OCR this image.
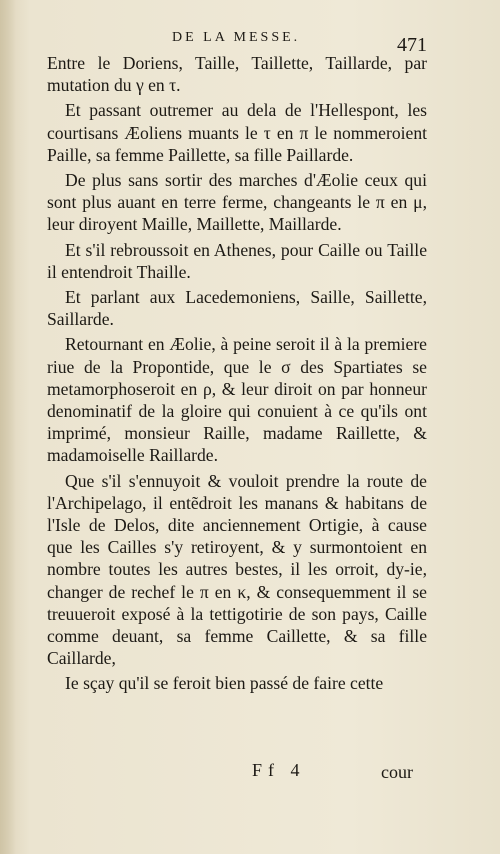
DE LA MESSE.	471

Entre le Doriens, Taille, Taillette, Taillarde, par mutation du γ en τ.

Et passant outremer au dela de l'Hellespont, les courtisans Æoliens muants le τ en π le nommeroient Paille, sa femme Paillette, sa fille Paillarde.

De plus sans sortir des marches d'Æolie ceux qui sont plus auant en terre ferme, changeants le π en μ, leur diroyent Maille, Maillette, Maillarde.

Et s'il rebroussoit en Athenes, pour Caille ou Taille il entendroit Thaille.

Et parlant aux Lacedemoniens, Saille, Saillette, Saillarde.

Retournant en Æolie, à peine seroit il à la premiere riue de la Propontide, que le σ des Spartiates se metamorphoseroit en ρ, & leur diroit on par honneur denominatif de la gloire qui conuient à ce qu'ils ont imprimé, monsieur Raille, madame Raillette, & madamoiselle Raillarde.

Que s'il s'ennuyoit & vouloit prendre la route de l'Archipelago, il entẽdroit les manans & habitans de l'Isle de Delos, dite anciennement Ortigie, à cause que les Cailles s'y retiroyent, & y surmontoient en nombre toutes les autres bestes, il les orroit, dy-ie, changer de rechef le π en κ, & consequemment il se treuueroit exposé à la tettigotirie de son pays, Caille comme deuant, sa femme Caillette, & sa fille Caillarde,

Ie sçay qu'il se feroit bien passé de faire cette

Ff 4	cour
